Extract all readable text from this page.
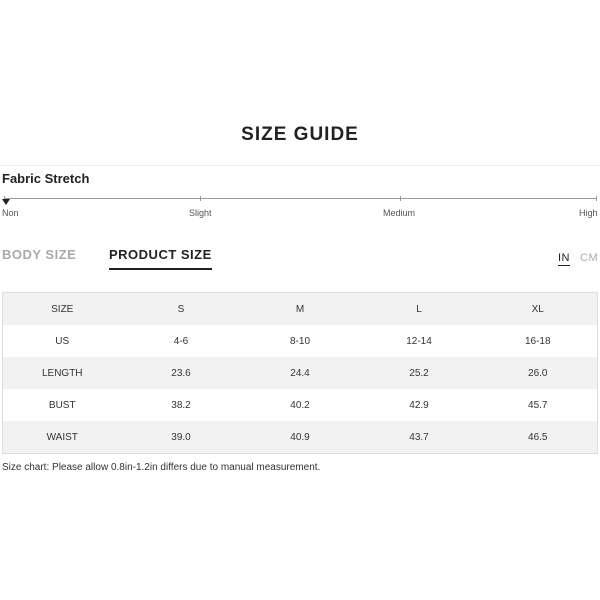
SIZE GUIDE
Fabric Stretch
Non	Slight	Medium	High
BODY SIZE	PRODUCT SIZE	IN CM
SIZE	S	M	L	XL
US	4-6	8-10	12-14	16-18
LENGTH	23.6	24.4	25.2	26.0
BUST	38.2	40.2	42.9	45.7
WAIST	39.0	40.9	43.7	46.5
Size chart: Please allow 0.8in-1.2in differs due to manual measurement.
